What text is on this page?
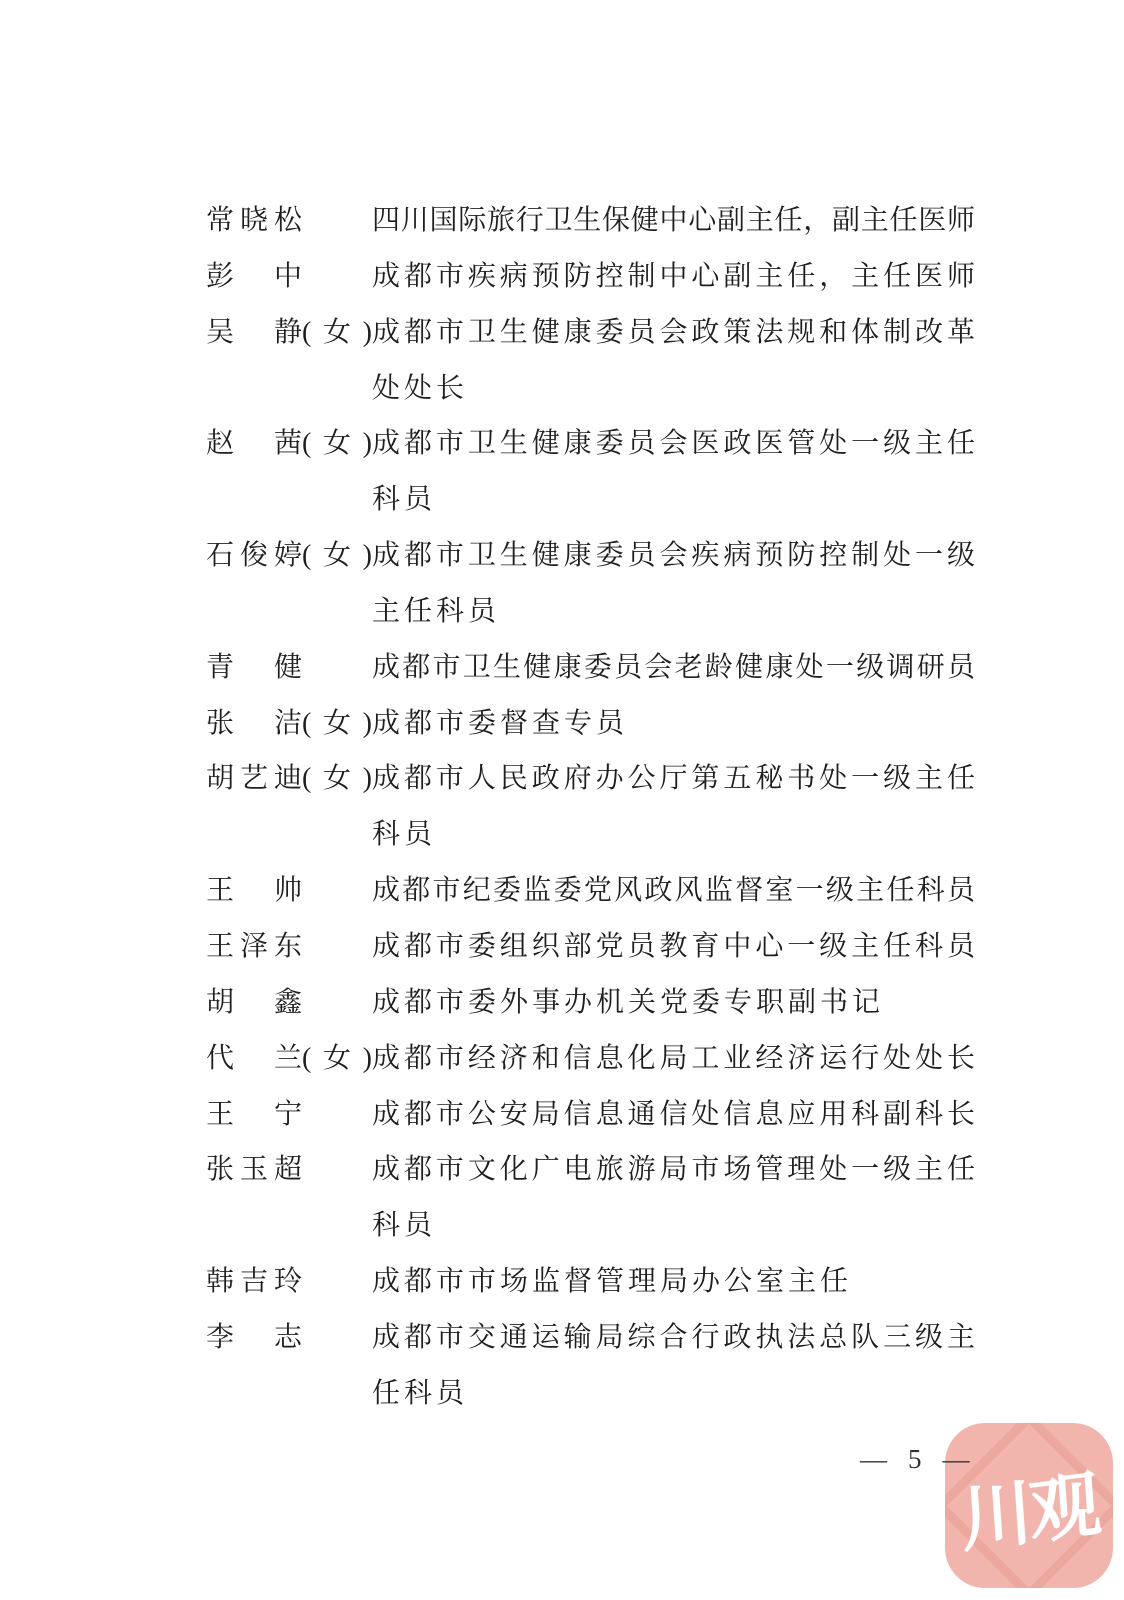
常晓松	四川国际旅行卫生保健中心副主任，副主任医师
彭　中	成都市疾病预防控制中心副主任，主任医师
吴　静 (女) 成都市卫生健康委员会政策法规和体制改革
处处长
赵　茜 (女) 成都市卫生健康委员会医政医管处一级主任
科员
石俊婷 (女) 成都市卫生健康委员会疾病预防控制处一级
主任科员
青　健	成都市卫生健康委员会老龄健康处一级调研员
张　洁 (女) 成都市委督查专员
胡艺迪 (女) 成都市人民政府办公厅第五秘书处一级主任
科员
王　帅	成都市纪委监委党风政风监督室一级主任科员
王泽东	成都市委组织部党员教育中心一级主任科员
胡　鑫	成都市委外事办机关党委专职副书记
代　兰 (女) 成都市经济和信息化局工业经济运行处处长
王　宁	成都市公安局信息通信处信息应用科副科长
张玉超	成都市文化广电旅游局市场管理处一级主任
科员
韩吉玲	成都市市场监督管理局办公室主任
李　志	成都市交通运输局综合行政执法总队三级主
任科员
— 5 —
川观
